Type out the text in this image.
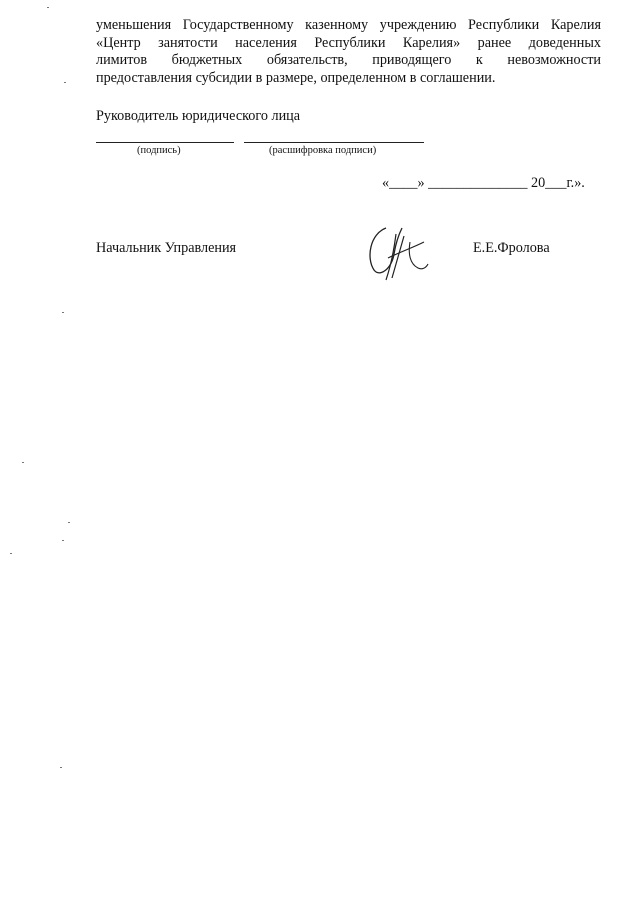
уменьшения Государственному казенному учреждению Республики Карелия
«Центр занятости населения Республики Карелия» ранее доведенных
лимитов бюджетных обязательств, приводящего к невозможности
предоставления субсидии в размере, определенном в соглашении.
Руководитель юридического лица
(подпись)	(расшифровка подписи)
«____» ______________ 20___г.».
Начальник Управления	Е.Е.Фролова
